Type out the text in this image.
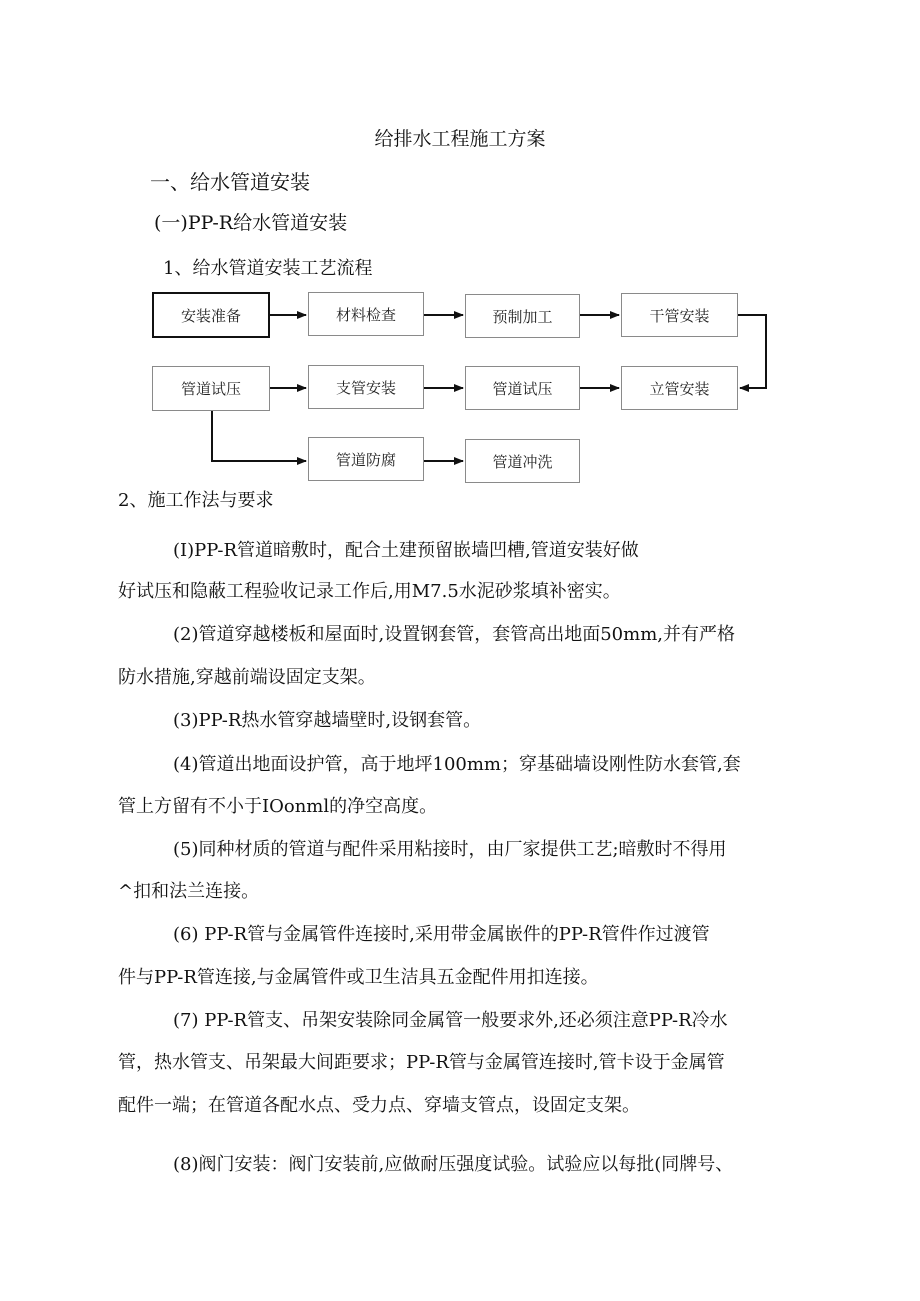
给排水工程施工方案
一、给水管道安装
(一)PP-R给水管道安装
1、给水管道安装工艺流程
安装准备	材料检查	预制加工	干管安装
管道试压	支管安装	管道试压	立管安装
管道防腐	管道冲洗
2、施工作法与要求
(I)PP-R管道暗敷时，配合土建预留嵌墙凹槽,管道安装好做
好试压和隐蔽工程验收记录工作后,用M7.5水泥砂浆填补密实。
(2)管道穿越楼板和屋面时,设置钢套管，套管高出地面50mm,并有严格
防水措施,穿越前端设固定支架。
(3)PP-R热水管穿越墙壁时,设钢套管。
(4)管道出地面设护管，高于地坪100mm；穿基础墙设刚性防水套管,套
管上方留有不小于IOonml的净空高度。
(5)同种材质的管道与配件采用粘接时，由厂家提供工艺;暗敷时不得用
^扣和法兰连接。
(6) PP-R管与金属管件连接时,采用带金属嵌件的PP-R管件作过渡管
件与PP-R管连接,与金属管件或卫生洁具五金配件用扣连接。
(7) PP-R管支、吊架安装除同金属管一般要求外,还必须注意PP-R冷水
管，热水管支、吊架最大间距要求；PP-R管与金属管连接时,管卡设于金属管
配件一端；在管道各配水点、受力点、穿墙支管点，设固定支架。
(8)阀门安装：阀门安装前,应做耐压强度试验。试验应以每批(同牌号、
